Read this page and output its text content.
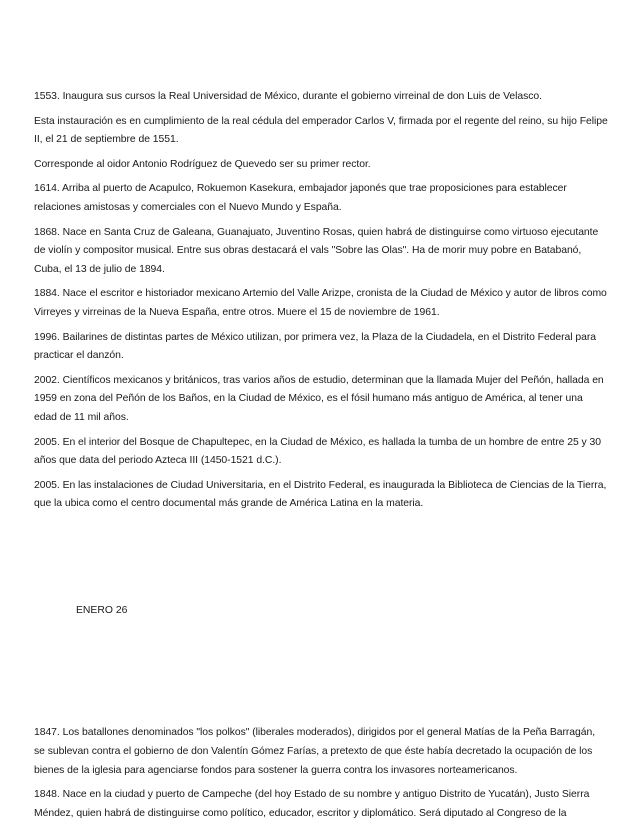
1553. Inaugura sus cursos la Real Universidad de México, durante el gobierno virreinal de don Luis de Velasco.

Esta instauración es en cumplimiento de la real cédula del emperador Carlos V, firmada por el regente del reino, su hijo Felipe II, el 21 de septiembre de 1551.

Corresponde al oidor Antonio Rodríguez de Quevedo ser su primer rector.

1614. Arriba al puerto de Acapulco, Rokuemon Kasekura, embajador japonés que trae proposiciones para establecer relaciones amistosas y comerciales con el Nuevo Mundo y España.

1868. Nace en Santa Cruz de Galeana, Guanajuato, Juventino Rosas, quien habrá de distinguirse como virtuoso ejecutante de violín y compositor musical. Entre sus obras destacará el vals "Sobre las Olas". Ha de morir muy pobre en Batabanó, Cuba, el 13 de julio de 1894.

1884. Nace el escritor e historiador mexicano Artemio del Valle Arizpe, cronista de la Ciudad de México y autor de libros como Virreyes y virreinas de la Nueva España, entre otros. Muere el 15 de noviembre de 1961.

1996. Bailarines de distintas partes de México utilizan, por primera vez, la Plaza de la Ciudadela, en el Distrito Federal para practicar el danzón.

2002. Científicos mexicanos y británicos, tras varios años de estudio, determinan que la llamada Mujer del Peñón, hallada en 1959 en zona del Peñón de los Baños, en la Ciudad de México, es el fósil humano más antiguo de América, al tener una edad de 11 mil años.

2005. En el interior del Bosque de Chapultepec, en la Ciudad de México, es hallada la tumba de un hombre de entre 25 y 30 años que data del periodo Azteca III (1450-1521 d.C.).

2005. En las instalaciones de Ciudad Universitaria, en el Distrito Federal, es inaugurada la Biblioteca de Ciencias de la Tierra, que la ubica como el centro documental más grande de América Latina en la materia.

ENERO 26

1847. Los batallones denominados "los polkos" (liberales moderados), dirigidos por el general Matías de la Peña Barragán, se sublevan contra el gobierno de don Valentín Gómez Farías, a pretexto de que éste había decretado la ocupación de los bienes de la iglesia para agenciarse fondos para sostener la guerra contra los invasores norteamericanos.

1848. Nace en la ciudad y puerto de Campeche (del hoy Estado de su nombre y antiguo Distrito de Yucatán), Justo Sierra Méndez, quien habrá de distinguirse como político, educador, escritor y diplomático. Será diputado al Congreso de la
